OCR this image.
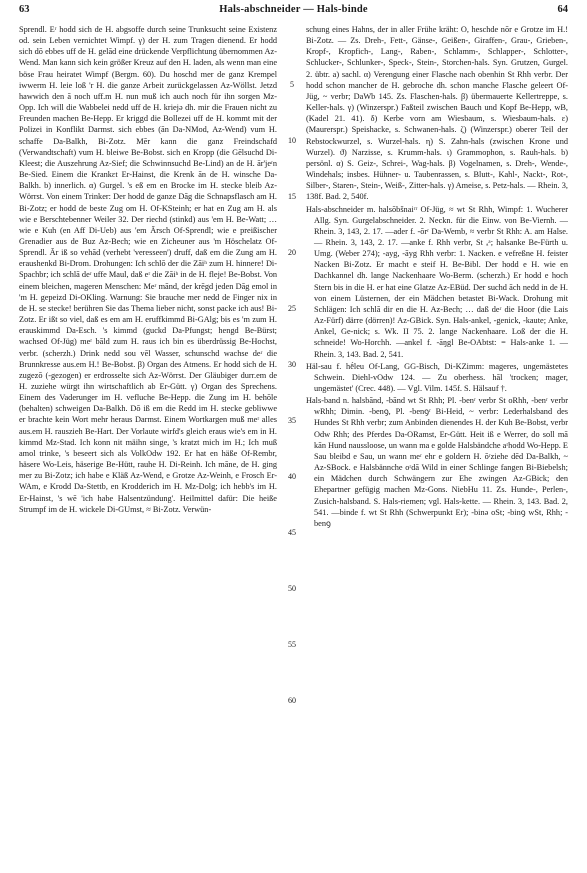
63	Hals-abschneider — Hals-binde	64

Sprendl. Eʳ hodd sich de H. abgsoffe durch seine Trunksucht seine Existenz od. sein Leben vernichtet Wimpf. γ) der H. zum Tragen dienend. Er hodd sich dō ebbes uff de H. gelād eine drückende Verpflichtung übernommen Az-Wend. Man kann sich kein größer Kreuz auf den H. laden, als wenn man eine böse Frau heiratet Wimpf (Bergm. 60). Du hoschd mer de ganz Krempel iwwerm H. leie loß 'r H. die ganze Arbeit zurückgelassen Az-Wöllst. Jetzd hawwich den ā noch uff.m H. nun muß ich auch noch für ihn sorgen Mz-Opp. Ich will die Wabbelei nedd uff de H. kriejə dh. mir die Frauen nicht zu Freunden machen Be-Hepp. Er kriggd die Bollezei uff de H. kommt mit der Polizei in Konflikt Darmst. sich ebbes (ān Da-NMod, Az-Wend) vum H. schaffe Da-Balkh, Bi-Zotz. Mēr kann die ganz Freindschafd (Verwandtschaft) vum H. bleiwe Be-Bobst. sich en Kropp (die Gēlsuchd Di-Kleest; die Auszehrung Az-Sief; die Schwinnsuchd Be-Lind) an de H. ār'jeʳn Be-Sied. Einem die Krankɛt Er-Hainst, die Krenk ān de H. winsche Da-Balkh. b) innerlich. α) Gurgel. 's eß em en Brocke im H. stecke bleib Az-Wörrst. Von einem Trinker: Der hodd de ganze Dāg die Schnapsflasch am H. Bi-Zotz; er hodd de beste Zug om H. Of-KSteinh; er hat en Zug am H. als wie e Berschtebenner Weiler 32. Der riechd (stinkd) aus 'em H. Be-Watt; … wie e Kuh (en Aff Di-Ueb) aus 'em Ārsch Of-Sprendl; wie e preißischer Grenadier aus de Buz Az-Bech; wie en Zicheuner aus 'm Höschelatz Of-Sprendl. Ār iß so vehād (verhebt 'veresseen') druff, daß em die Zung am H. eraushenkd Bi-Drom. Drohungen: Ich schlō der die Zāiʰ zum H. hinnere! Di-Spachbr; ich schlā deʳ uffe Maul, daß eʳ die Zāiʰ in de H. fleje! Be-Bobst. Von einem bleichen, mageren Menschen: Meʳ mānd, der krēgd jeden Dāg emol in 'm H. gepeizd Di-OKling. Warnung: Sie brauche mer nedd de Finger nix in de H. se stecke! berühren Sie das Thema lieber nicht, sonst packe ich aus! Bi-Zotz. Er ißt so viel, daß es em am H. eruffkimmd Bi-GAlg; bis es 'm zum H. erauskimmd Da-Esch. 's kimmd (guckd Da-Pfungst; hengd Be-Bürst; wachsed Of-Jüg) meʳ bāld zum H. raus ich bin es überdrüssig Be-Hochst, verbr. (scherzh.) Drink nedd sou vēl Wasser, schunschd wachse deʳ die Brunnkresse aus.em H.! Be-Bobst. β) Organ des Atmens. Er hodd sich de H. zugezō (-gezogen) er erdrosselte sich Az-Wörrst. Der Gläubiger durr.em de H. zuziehe würgt ihn wirtschaftlich ab Er-Gütt. γ) Organ des Sprechens. Einem des Vaderunger im H. vefluche Be-Hepp. die Zung im H. behōle (behalten) schweigen Da-Balkh. Dō iß em die Redd im H. stecke gebliwwe er brachte kein Wort mehr heraus Darmst. Einem Wortkargen muß meʳ alles aus.em H. rauszieh Be-Hart. Der Vorlaute wirfd's gleich eraus wie's em in H. kimmd Mz-Stad. Ich konn nit mäihn singe, 's kratzt mich im H.; Ich muß amol trinke, 's beseert sich als VolkOdw 192. Er hat en häße Of-Rembr, häsere Wo-Leis, häserige Be-Hütt, rauhe H. Di-Reinh. Ich māne, de H. ging mer zu Bi-Zotz; ich habe e Kläß Az-Wend, e Grotze Az-Weinh, e Frosch Er-WAm, e Krodd Da-Stettb, en Krodderich im H. Mz-Dolg; ich hebb's im H. Er-Hainst, 's wē 'ich habe Halsentzündung'. Heilmittel dafür: Die heiße Strumpf im de H. wickele Di-GUmst, ≈ Bi-Zotz. Verwün-

5
10
15
20
25
30
35
40
45
50
55
60

schung eines Hahns, der in aller Frühe kräht: O, heschde nōr e Grotze im H.! Bi-Zotz. — Zs. Dreh-, Fett-, Gänse-, Geißen-, Giraffen-, Grau-, Grieben-, Kropf-, Kropfich-, Lang-, Raben-, Schlamm-, Schlapper-, Schlotter-, Schlucker-, Schlunker-, Speck-, Stein-, Storchen-hals. Syn. Grutzen, Gurgel. 2. übtr. a) sachl. α) Verengung einer Flasche nach obenhin St Rhh verbr. Der hodd schon mancher de H. gebroche dh. schon manche Flasche geleert Of-Jüg, ~ verbr; DaWb 145. Zs. Flaschen-hals. β) übermauerte Kellertreppe, s. Keller-hals. γ) (Winzerspr.) Faßteil zwischen Bauch und Kopf Be-Hepp, wB, (Kadel 21. 41). δ) Kerbe vorn am Wiesbaum, s. Wiesbaum-hals. ε) (Maurerspr.) Speishacke, s. Schwanen-hals. ζ) (Winzerspr.) oberer Teil der Rebstockwurzel, s. Wurzel-hals. η) S. Zahn-hals (zwischen Krone und Wurzel). ϑ) Narzisse, s. Krumm-hals. ι) Grammophon, s. Rauh-hals. b) persönl. α) S. Geiz-, Schrei-, Wag-hals. β) Vogelnamen, s. Dreh-, Wende-, Windehals; insbes. Hühner- u. Taubenrassen, s. Blutt-, Kahl-, Nackt-, Rot-, Silber-, Staren-, Stein-, Weiß-, Zitter-hals. γ) Ameise, s. Petz-hals. — Rhein. 3, 138f. Bad. 2, 540f.

Hals-abschneider m. halsōbšnaiʳʳ Of-Jüg, ≈ wt St Rhh, Wimpf: 1. Wucherer Allg. Syn. Gurgelabschneider. 2. Neckn. für die Einw. von Be-Viernh. — Rhein. 3, 143, 2. 17. —ader f. -ōrʳ Da-Wemb, ≈ verbr St Rhh: A. am Halse. — Rhein. 3, 143, 2. 17. —anke f. Rhh verbr, St ₐᵃ; halsanke Be-Fürth u. Umg. (Weber 274); -ayg, -āyg Rhh verbr: 1. Nacken. e vefreßne H. feister Nacken Bi-Zotz. Er macht e steif H. Be-Bibl. Der hodd e H. wie en Dachkannel dh. lange Nackenhaare Wo-Berm. (scherzh.) Er hodd e hoch Stern bis in die H. er hat eine Glatze Az-EBüd. Der suchd āch nedd in de H. von einem Lüsternen, der ein Mädchen betastet Bi-Wack. Drohung mit Schlägen: Ich schlā dir en die H. Az-Bech; … daß deʳ die Hoor (die Lais Az-Fürf) därre (dörren)! Az-GBick. Syn. Hals-ankel, -genick, -kaute; Anke, Ankel, Ge-nick; s. Wk. II 75. 2. lange Nackenhaare. Loß der die H. schneide! Wo-Horchh. —ankel f. -āŋgl Be-OAbtst: = Hals-anke 1. — Rhein. 3, 143. Bad. 2, 541.

Häl-sau f. hḗleu Of-Lang, GG-Bisch, Di-KZimm: mageres, ungemästetes Schwein. Diehl-vOdw 124. — Zu oberhess. hāl 'trocken; mager, ungemästet' (Crec. 448). — Vgl. Vilm. 145f. S. Hälsauf †.

Hals-band n. halsbānd, -bānd wt St Rhh; Pl. -benʳ verbr St oRhh, -benʳ verbr wRhh; Dimin. -benꝯ, Pl. -benꝯʳ Bi-Heid, ~ verbr: Lederhalsband des Hundes St Rhh verbr; zum Anbinden dienendes H. der Kuh Be-Bobst, verbr Odw Rhh; des Pferdes Da-ORamst, Er-Gütt. Heit iß e Werrer, do soll mā kān Hund naussloose, un wann ma e golde Halsbändche aʳhodd Wo-Hepp. E Sau bleibd e Sau, un wann meʳ ehr e goldern H. ōʳziehe dēd Da-Balkh, ~ Az-SBock. e Halsbännche oʳdā Wild in einer Schlinge fangen Bi-Biebelsh; ein Mädchen durch Schwängern zur Ehe zwingen Az-GBick; den Ehepartner gefügig machen Mz-Gons. NiebHu 11. Zs. Hunde-, Perlen-, Zusich-halsband. S. Hals-riemen; vgl. Hals-kette. — Rhein. 3, 143. Bad. 2, 541. —binde f. wt St Rhh (Schwerpunkt Er); -binə oSt; -binꝯ wSt, Rhh; -benꝯ
